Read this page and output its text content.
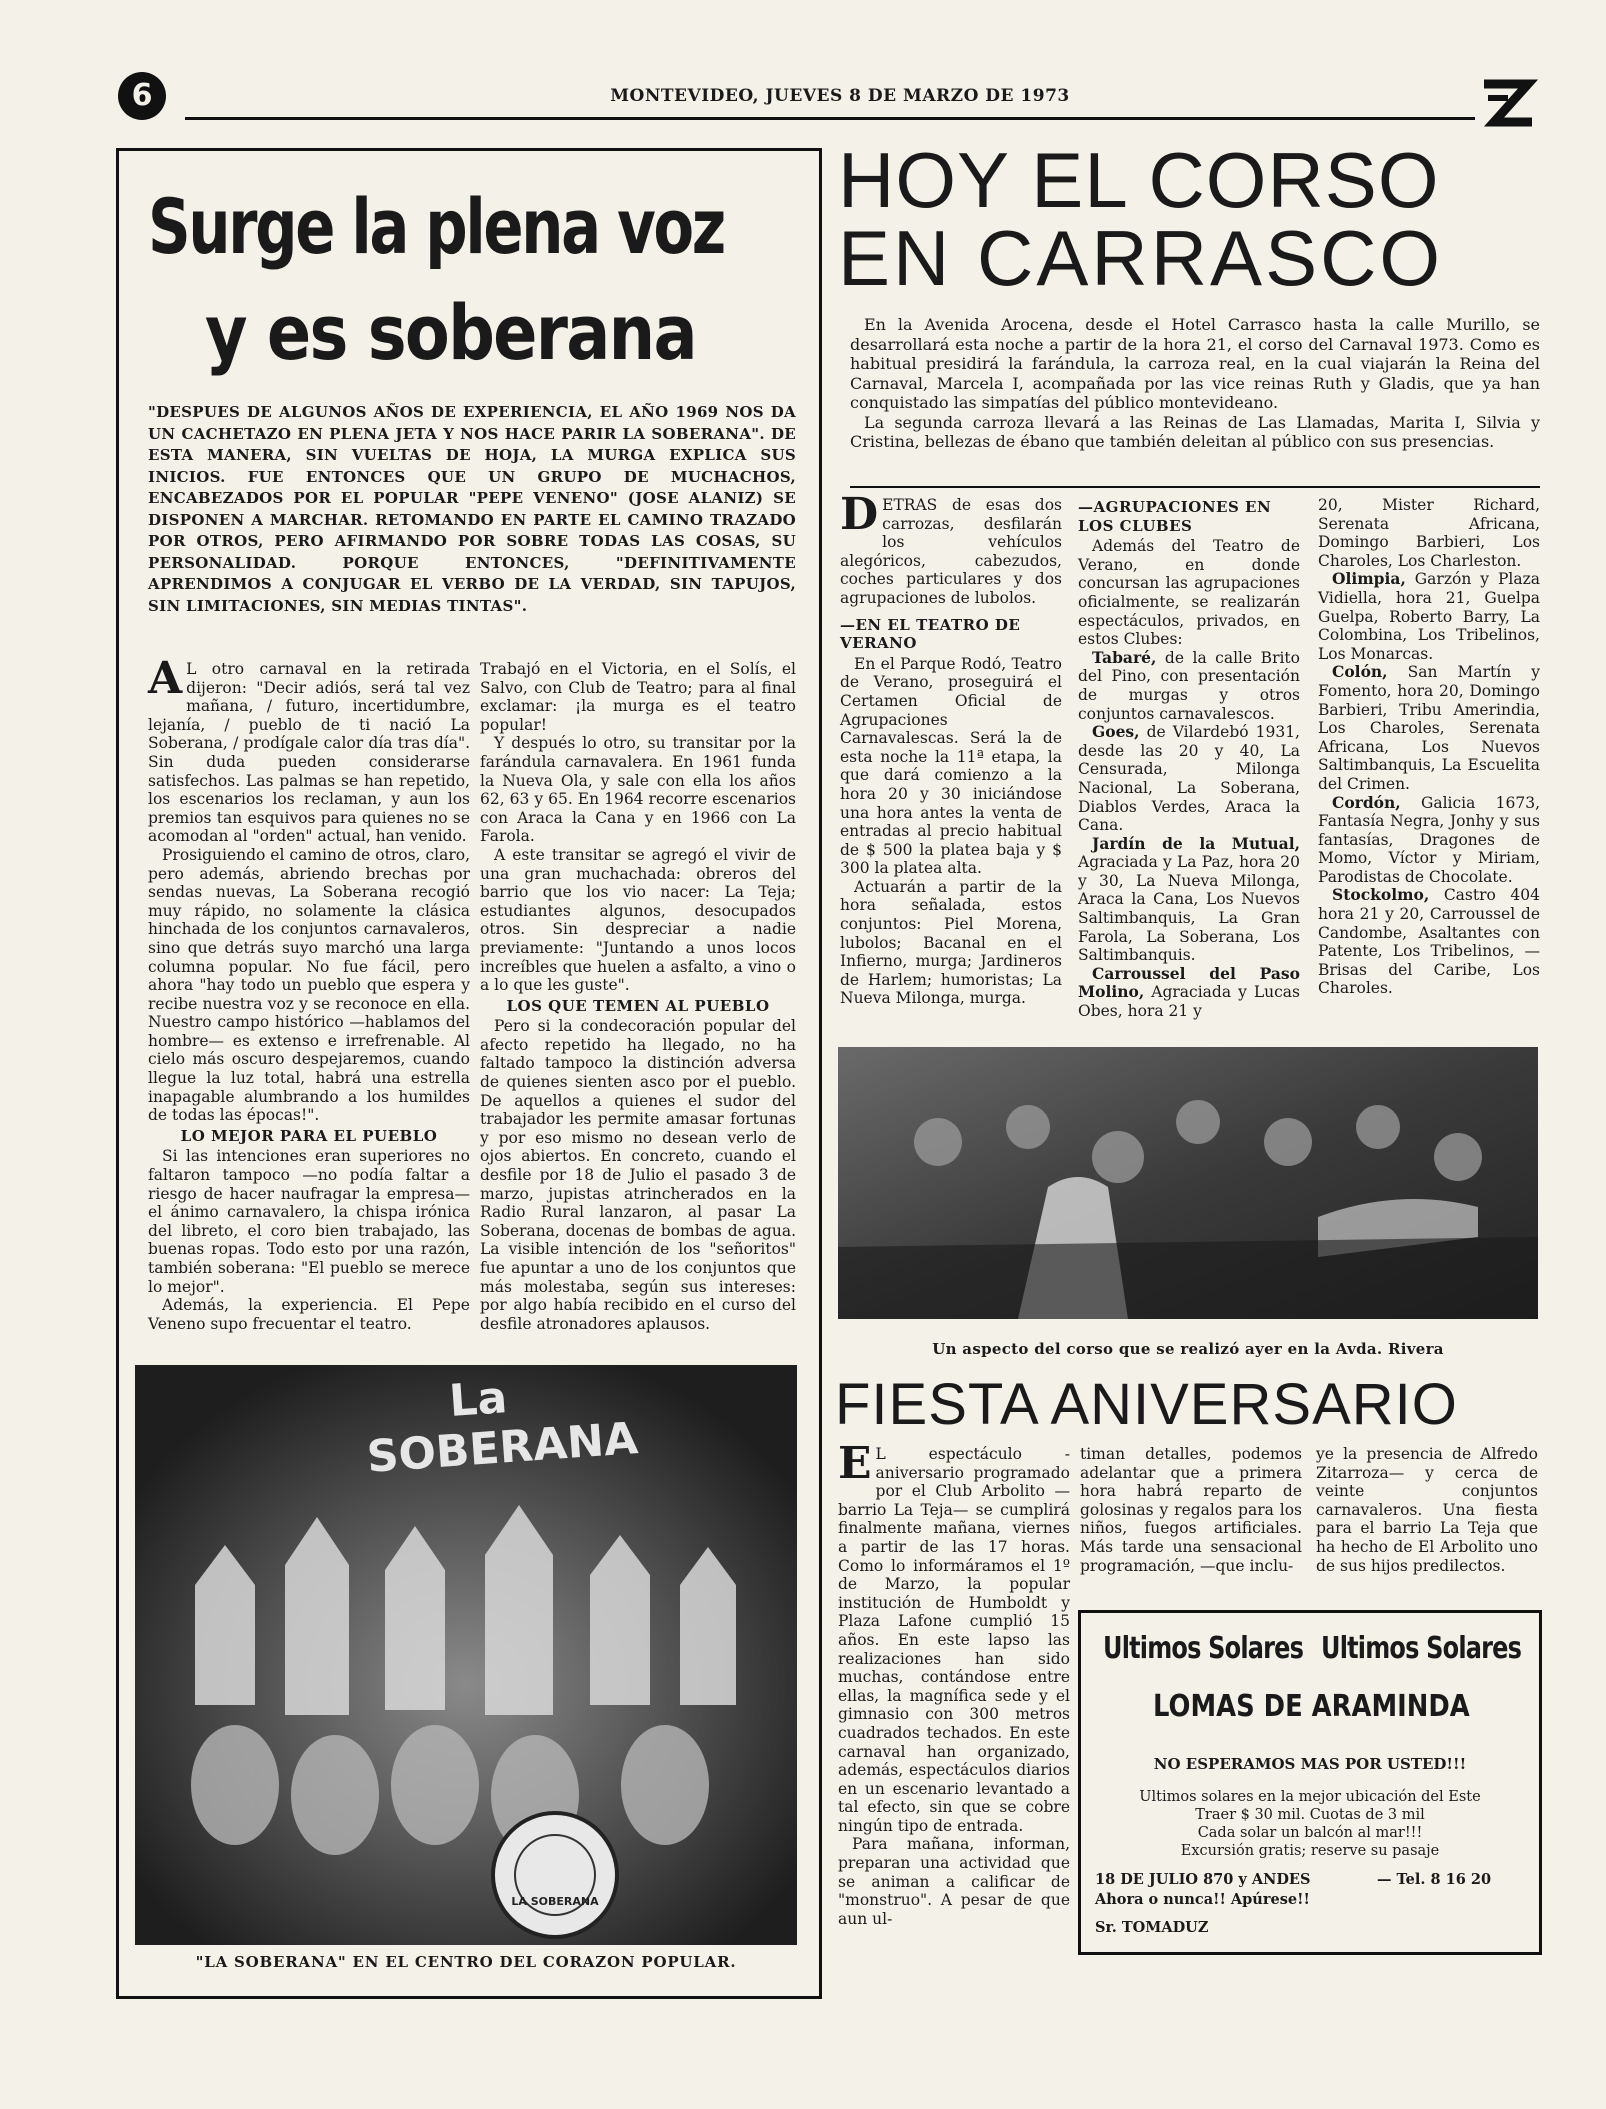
6	MONTEVIDEO, JUEVES 8 DE MARZO DE 1973
Surge la plena voz
y es soberana
"DESPUES DE ALGUNOS AÑOS DE EXPERIENCIA, EL AÑO 1969 NOS DA UN CACHETAZO EN PLENA JETA Y NOS HACE PARIR LA SOBERANA". DE ESTA MANERA, SIN VUELTAS DE HOJA, LA MURGA EXPLICA SUS INICIOS. FUE ENTONCES QUE UN GRUPO DE MUCHACHOS, ENCABEZADOS POR EL POPULAR "PEPE VENENO" (JOSE ALANIZ) SE DISPONEN A MARCHAR. RETOMANDO EN PARTE EL CAMINO TRAZADO POR OTROS, PERO AFIRMANDO POR SOBRE TODAS LAS COSAS, SU PERSONALIDAD. PORQUE ENTONCES, "DEFINITIVAMENTE APRENDIMOS A CONJUGAR EL VERBO DE LA VERDAD, SIN TAPUJOS, SIN LIMITACIONES, SIN MEDIAS TINTAS".

A L otro carnaval en la retirada dijeron: "Decir adiós, será tal vez mañana, / futuro, incertidumbre, lejanía, / pueblo de ti nació La Soberana, / prodígale calor día tras día". Sin duda pueden considerarse satisfechos. Las palmas se han repetido, los escenarios los reclaman, y aun los premios tan esquivos para quienes no se acomodan al "orden" actual, han venido.

Prosiguiendo el camino de otros, claro, pero además, abriendo brechas por sendas nuevas, La Soberana recogió muy rápido, no solamente la clásica hinchada de los conjuntos carnavaleros, sino que detrás suyo marchó una larga columna popular. No fue fácil, pero ahora "hay todo un pueblo que espera y recibe nuestra voz y se reconoce en ella. Nuestro campo histórico —hablamos del hombre— es extenso e irrefrenable. Al cielo más oscuro despejaremos, cuando llegue la luz total, habrá una estrella inapagable alumbrando a los humildes de todas las épocas!".

LO MEJOR PARA EL PUEBLO

Si las intenciones eran superiores no faltaron tampoco —no podía faltar a riesgo de hacer naufragar la empresa— el ánimo carnavalero, la chispa irónica del libreto, el coro bien trabajado, las buenas ropas. Todo esto por una razón, también soberana: "El pueblo se merece lo mejor".

Además, la experiencia. El Pepe Veneno supo frecuentar el teatro.

Trabajó en el Victoria, en el Solís, el Salvo, con Club de Teatro; para al final exclamar: ¡la murga es el teatro popular!

Y después lo otro, su transitar por la farándula carnavalera. En 1961 funda la Nueva Ola, y sale con ella los años 62, 63 y 65. En 1964 recorre escenarios con Araca la Cana y en 1966 con La Farola.

A este transitar se agregó el vivir de una gran muchachada: obreros del barrio que los vio nacer: La Teja; estudiantes algunos, desocupados otros. Sin despreciar a nadie previamente: "Juntando a unos locos increíbles que huelen a asfalto, a vino o a lo que les guste".

LOS QUE TEMEN AL PUEBLO

Pero si la condecoración popular del afecto repetido ha llegado, no ha faltado tampoco la distinción adversa de quienes sienten asco por el pueblo. De aquellos a quienes el sudor del trabajador les permite amasar fortunas y por eso mismo no desean verlo de ojos abiertos. En concreto, cuando el desfile por 18 de Julio el pasado 3 de marzo, jupistas atrincherados en la Radio Rural lanzaron, al pasar La Soberana, docenas de bombas de agua. La visible intención de los "señoritos" fue apuntar a uno de los conjuntos que más molestaba, según sus intereses: por algo había recibido en el curso del desfile atronadores aplausos.

La SOBERANA
LA SOBERANA
"LA SOBERANA" EN EL CENTRO DEL CORAZON POPULAR.
HOY EL CORSO
EN CARRASCO

En la Avenida Arocena, desde el Hotel Carrasco hasta la calle Murillo, se desarrollará esta noche a partir de la hora 21, el corso del Carnaval 1973. Como es habitual presidirá la farándula, la carroza real, en la cual viajarán la Reina del Carnaval, Marcela I, acompañada por las vice reinas Ruth y Gladis, que ya han conquistado las simpatías del público montevideano.

La segunda carroza llevará a las Reinas de Las Llamadas, Marita I, Silvia y Cristina, bellezas de ébano que también deleitan al público con sus presencias.

DETRAS de esas dos carrozas, desfilarán los vehículos alegóricos, cabezudos, coches particulares y dos agrupaciones de lubolos.

—EN EL TEATRO DE VERANO

En el Parque Rodó, Teatro de Verano, proseguirá el Certamen Oficial de Agrupaciones Carnavalescas. Será la de esta noche la 11ª etapa, la que dará comienzo a la hora 20 y 30 iniciándose una hora antes la venta de entradas al precio habitual de $ 500 la platea baja y $ 300 la platea alta.

Actuarán a partir de la hora señalada, estos conjuntos: Piel Morena, lubolos; Bacanal en el Infierno, murga; Jardineros de Harlem; humoristas; La Nueva Milonga, murga.

—AGRUPACIONES EN LOS CLUBES

Además del Teatro de Verano, en donde concursan las agrupaciones oficialmente, se realizarán espectáculos, privados, en estos Clubes:

Tabaré, de la calle Brito del Pino, con presentación de murgas y otros conjuntos carnavalescos.

Goes, de Vilardebó 1931, desde las 20 y 40, La Censurada, Milonga Nacional, La Soberana, Diablos Verdes, Araca la Cana.

Jardín de la Mutual, Agraciada y La Paz, hora 20 y 30, La Nueva Milonga, Araca la Cana, Los Nuevos Saltimbanquis, La Gran Farola, La Soberana, Los Saltimbanquis.

Carroussel del Paso Molino, Agraciada y Lucas Obes, hora 21 y

20, Mister Richard, Serenata Africana, Domingo Barbieri, Los Charoles, Los Charleston.

Olimpia, Garzón y Plaza Vidiella, hora 21, Guelpa Guelpa, Roberto Barry, La Colombina, Los Tribelinos, Los Monarcas.

Colón, San Martín y Fomento, hora 20, Domingo Barbieri, Tribu Amerindia, Los Charoles, Serenata Africana, Los Nuevos Saltimbanquis, La Escuelita del Crimen.

Cordón, Galicia 1673, Fantasía Negra, Jonhy y sus fantasías, Dragones de Momo, Víctor y Miriam, Parodistas de Chocolate.

Stockolmo, Castro 404 hora 21 y 20, Carroussel de Candombe, Asaltantes con Patente, Los Tribelinos, —Brisas del Caribe, Los Charoles.

Un aspecto del corso que se realizó ayer en la Avda. Rivera
FIESTA ANIVERSARIO

E L espectáculo - aniversario programado por el Club Arbolito —barrio La Teja— se cumplirá finalmente mañana, viernes a partir de las 17 horas. Como lo informáramos el 1º de Marzo, la popular institución de Humboldt y Plaza Lafone cumplió 15 años. En este lapso las realizaciones han sido muchas, contándose entre ellas, la magnífica sede y el gimnasio con 300 metros cuadrados techados. En este carnaval han organizado, además, espectáculos diarios en un escenario levantado a tal efecto, sin que se cobre ningún tipo de entrada.

Para mañana, informan, preparan una actividad que se animan a calificar de "monstruo". A pesar de que aun ul-

timan detalles, podemos adelantar que a primera hora habrá reparto de golosinas y regalos para los niños, fuegos artificiales. Más tarde una sensacional programación, —que inclu-

ye la presencia de Alfredo Zitarroza— y cerca de veinte conjuntos carnavaleros. Una fiesta para el barrio La Teja que ha hecho de El Arbolito uno de sus hijos predilectos.

Ultimos Solares Ultimos Solares
LOMAS DE ARAMINDA
NO ESPERAMOS MAS POR USTED!!!
Ultimos solares en la mejor ubicación del Este
Traer $ 30 mil. Cuotas de 3 mil
Cada solar un balcón al mar!!!
Excursión gratis; reserve su pasaje
18 DE JULIO 870 y ANDES	— Tel. 8 16 20
Ahora o nunca!! Apúrese!!
Sr. TOMADUZ
